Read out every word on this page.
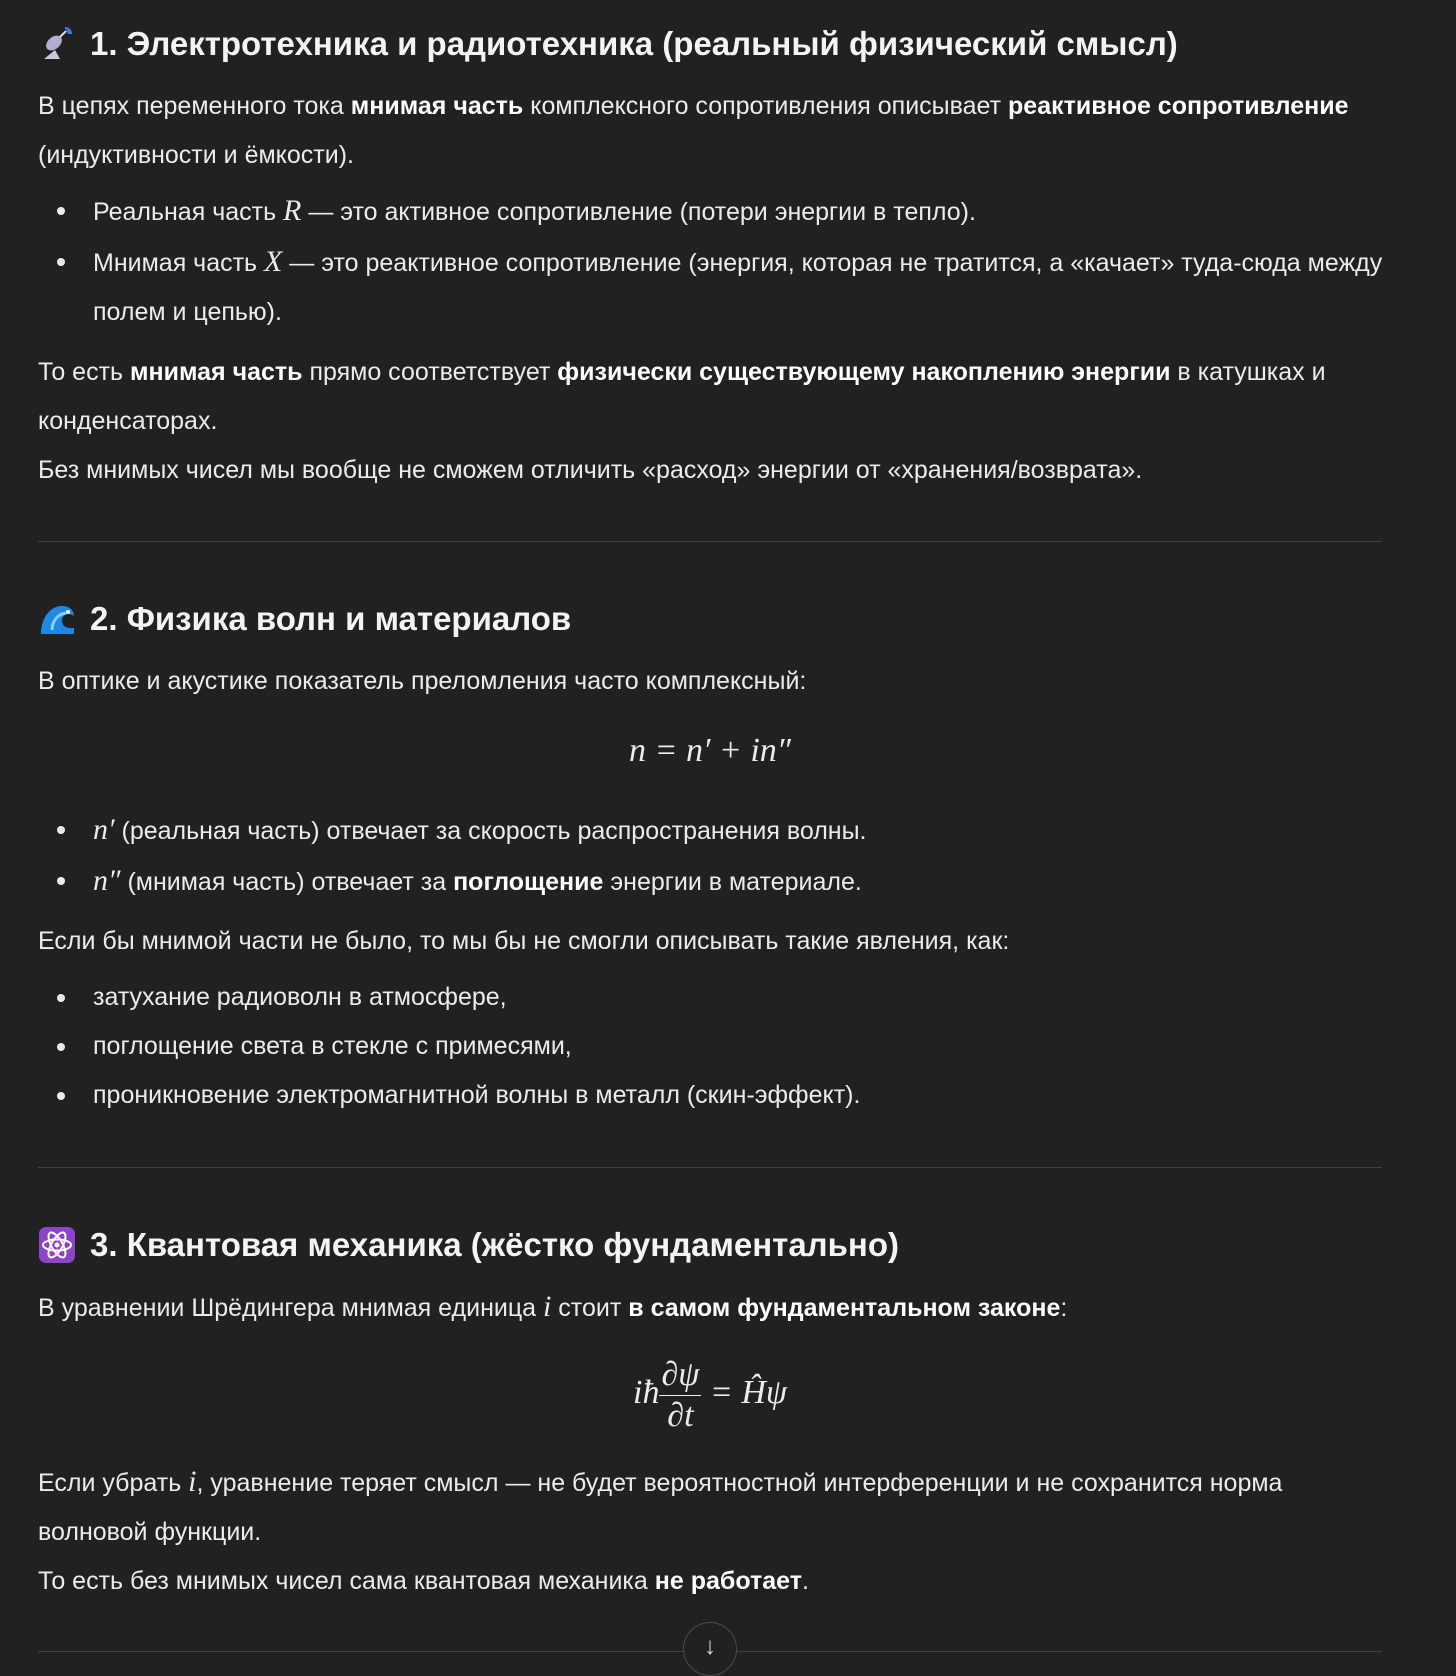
1. Электротехника и радиотехника (реальный физический смысл)

В цепях переменного тока мнимая часть комплексного сопротивления описывает реактивное сопротивление (индуктивности и ёмкости).

Реальная часть R — это активное сопротивление (потери энергии в тепло).
Мнимая часть X — это реактивное сопротивление (энергия, которая не тратится, а «качает» туда-сюда между полем и цепью).

То есть мнимая часть прямо соответствует физически существующему накоплению энергии в катушках и конденсаторах.
Без мнимых чисел мы вообще не сможем отличить «расход» энергии от «хранения/возврата».

2. Физика волн и материалов

В оптике и акустике показатель преломления часто комплексный:

n = n′ + in″
n′ (реальная часть) отвечает за скорость распространения волны.
n″ (мнимая часть) отвечает за поглощение энергии в материале.

Если бы мнимой части не было, то мы бы не смогли описывать такие явления, как:

затухание радиоволн в атмосфере,
поглощение света в стекле с примесями,
проникновение электромагнитной волны в металл (скин-эффект).
3. Квантовая механика (жёстко фундаментально)

В уравнении Шрёдингера мнимая единица i стоит в самом фундаментальном законе:

iħ $\frac{\partial\psi}{\partial t}$ = Ĥψ

Если убрать i, уравнение теряет смысл — не будет вероятностной интерференции и не сохранится норма волновой функции.
То есть без мнимых чисел сама квантовая механика не работает.

↓
